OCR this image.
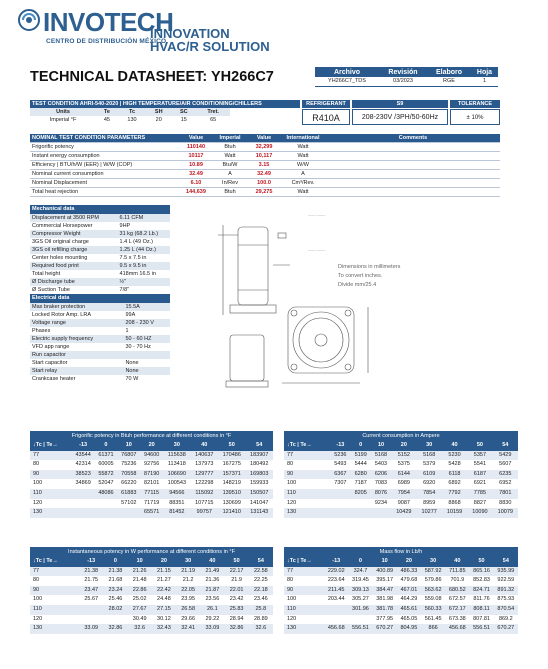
INVOTECH
CENTRO DE DISTRIBUCIÓN MÉXICO
INNOVATION
HVAC/R SOLUTION
TECHNICAL DATASHEET: YH266C7	Archivo	Revisión	Elaboro	Hoja
YH266C7_TDS	03/2023	RGE	1
TEST CONDITION AHRI-540-2020 | HIGH TEMPERATURE/AIR CONDITIONING/CHILLERS
Units	Te	Tc	SH	SC	Tret.
Imperial °F	45	130	20	15	65
REFRIGERANT
R410A
S9
208-230V /3PH/50-60Hz
TOLERANCE
± 10%
NOMINAL TEST CONDITION PARAMETERS	Value	Imperial	Value	International	Comments
Frigorific potency	110140	Btuh	32,299	Watt	
Instant energy consumption	10117	Watt	10,117	Watt	
Efficiency | BTU/h/W (EER) | W/W (COP)	10.89	Btu/W	3.15	W/W	
Nominal current consumption	32.49	A	32.49	A	
Nominal Displacement	6.10	In/Rev	100.0	Cm³/Rev.	
Total heat rejection	144,639	Btuh	29,275	Watt	
Mechanical data
Displacement at 3500 RPM	6.11 CFM
Commercial Horsepower	9HP
Compressor Weight	31 kg (68.2 Lb.)
3GS Oil original charge	1.4 L (49 Oz.)
3GS oil refilling charge	1.25 L (44 Oz.)
Center holes mounting	7.5 x 7.5 in
Required food print	9.5 x 9.5 in
Total height	418mm 16.5 in
Ø Discharge tube	½"
Ø Suction Tube	7/8"
Electrical data
Max braker protection	15.5A
Locked Rotor Amp. LRA	99A
Voltage range	208 - 230 V
Phases	1
Electric supply frequency	50 - 60 HZ
VFD app range	30 - 70 Hz
Run capacitor	
Start capacitor	None
Start relay	None
Crankcase heater	70 W
_____ ______
_____ ______
Dimensions in millimeters
To convert inches.
Divide mm/25.4
Frigorific potency in Btuh performance at different conditions in °F
↓Tc | Te→	-13	0	10	20	30	40	50	54
77	43544	61371	76807	94600	115638	140637	170486	183907
80	42314	60005	75236	92756	113418	137973	167275	180492
90	38523	55872	70558	87190	106690	129777	157371	169803
100	34869	52047	66220	82101	100543	122298	148219	159933
110		48086	61883	77115	94566	115092	139510	150507
120			57102	71719	88351	107715	130699	141047
130				65571	81452	99757	121410	131143
Current consumption in Ampere
↓Tc | Te→	-13	0	10	20	30	40	50	54
77	5236	5199	5168	5152	5168	5230	5357	5429
80	5493	5444	5403	5375	5379	5428	5541	5607
90	6367	6280	6206	6144	6109	6118	6187	6235
100	7307	7187	7083	6989	6920	6892	6921	6952
110		8205	8076	7954	7854	7792	7785	7801
120			9234	9087	8959	8868	8827	8830
130				10429	10277	10159	10090	10079
Instantaneous potency in W performance at different conditions in °F
↓Tc | Te→	-13	0	10	20	30	40	50	54
77	21.38	21.38	21.26	21.15	21.19	21.49	22.17	22.58
80	21.75	21.68	21.48	21.27	21.2	21.36	21.9	22.25
90	23.47	23.24	22.86	22.42	22.05	21.87	22.01	22.18
100	25.67	25.46	25.02	24.48	23.95	23.56	23.42	23.46
110		28.02	27.67	27.15	26.58	26.1	25.83	25.8
120			30.49	30.12	29.66	29.22	28.94	28.89
130	33.09	32.86	32.6	32.43	32.41	33.09	32.86	32.6
Mass flow in Lb/h
↓Tc | Te→	-13	0	10	20	30	40	50	54
77	229.02	324.7	400.89	486.33	587.92	711.85	865.16	935.99
80	223.64	319.45	395.17	479.68	579.86	701.9	852.83	922.59
90	211.45	309.13	384.47	467.01	563.62	680.52	824.71	891.32
100	203.44	305.27	381.98	464.29	559.08	672.57	811.76	875.93
110		301.96	381.78	465.61	560.33	672.17	808.11	870.54
120			377.95	465.05	561.45	673.38	807.81	869.2
130	456.68	556.51	670.27	804.95	866	456.68	556.51	670.27
